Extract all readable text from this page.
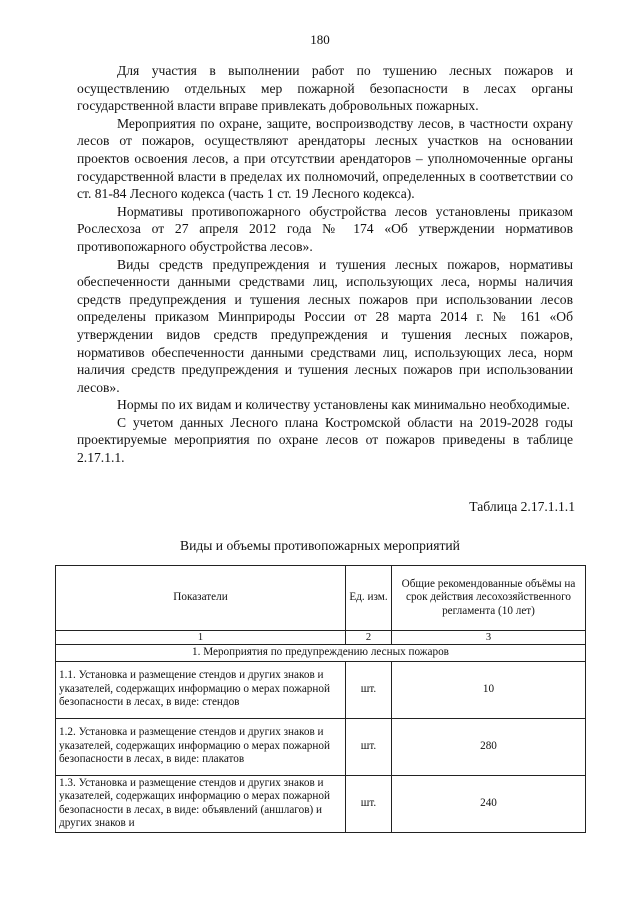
180

Для участия в выполнении работ по тушению лесных пожаров и осуществлению отдельных мер пожарной безопасности в лесах органы государственной власти вправе привлекать добровольных пожарных.

Мероприятия по охране, защите, воспроизводству лесов, в частности охрану лесов от пожаров, осуществляют арендаторы лесных участков на основании проектов освоения лесов, а при отсутствии арендаторов – уполномоченные органы государственной власти в пределах их полномочий, определенных в соответствии со ст. 81-84 Лесного кодекса (часть 1 ст. 19 Лесного кодекса).

Нормативы противопожарного обустройства лесов установлены приказом Рослесхоза от 27 апреля 2012 года № 174 «Об утверждении нормативов противопожарного обустройства лесов».

Виды средств предупреждения и тушения лесных пожаров, нормативы обеспеченности данными средствами лиц, использующих леса, нормы наличия средств предупреждения и тушения лесных пожаров при использовании лесов определены приказом Минприроды России от 28 марта 2014 г. № 161 «Об утверждении видов средств предупреждения и тушения лесных пожаров, нормативов обеспеченности данными средствами лиц, использующих леса, норм наличия средств предупреждения и тушения лесных пожаров при использовании лесов».

Нормы по их видам и количеству установлены как минимально необходимые.

С учетом данных Лесного плана Костромской области на 2019-2028 годы проектируемые мероприятия по охране лесов от пожаров приведены в таблице 2.17.1.1.

Таблица 2.17.1.1.1
Виды и объемы противопожарных мероприятий
Показатели	Ед. изм.	Общие рекомендованные объёмы на срок действия лесохозяйственного регламента (10 лет)
1	2	3
1. Мероприятия по предупреждению лесных пожаров		
1.1. Установка и размещение стендов и других знаков и указателей, содержащих информацию о мерах пожарной безопасности в лесах, в виде: стендов	шт.	10
1.2. Установка и размещение стендов и других знаков и указателей, содержащих информацию о мерах пожарной безопасности в лесах, в виде: плакатов	шт.	280
1.3. Установка и размещение стендов и других знаков и указателей, содержащих информацию о мерах пожарной безопасности в лесах, в виде: объявлений (аншлагов) и других знаков и	шт.	240
